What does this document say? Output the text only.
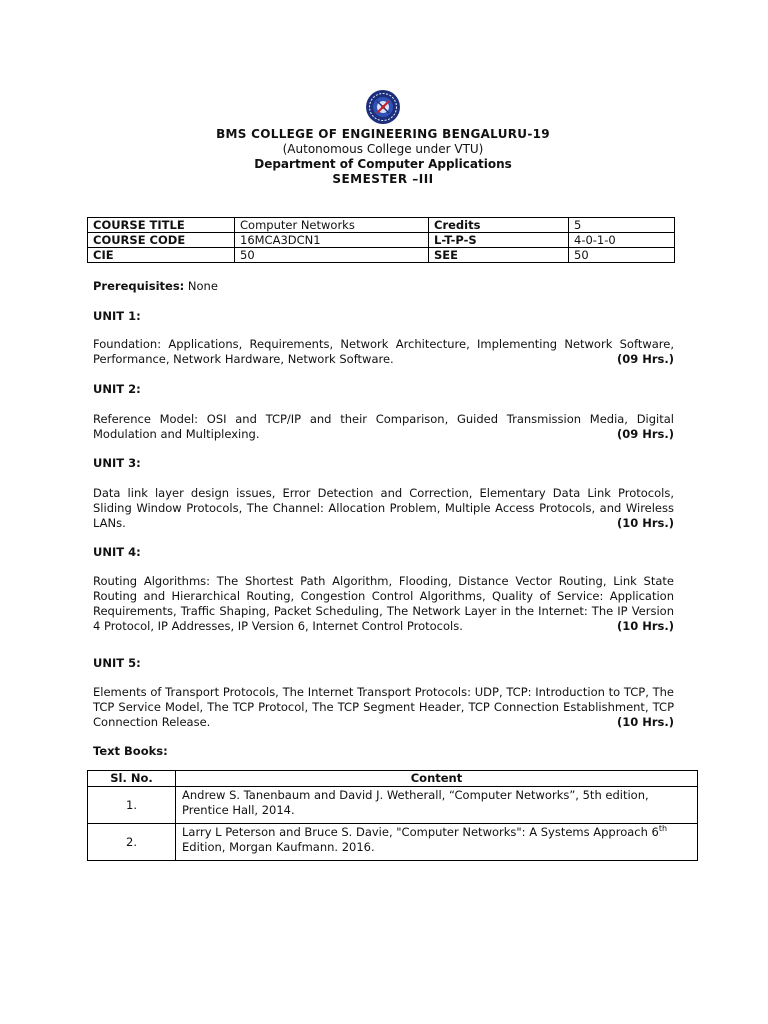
BMS COLLEGE OF ENGINEERING BENGALURU-19
(Autonomous College under VTU)
Department of Computer Applications
SEMESTER –III
COURSE TITLE	Computer Networks	Credits	5
COURSE CODE	16MCA3DCN1	L-T-P-S	4-0-1-0
CIE	50	SEE	50
Prerequisites: None
UNIT 1:
Foundation: Applications, Requirements, Network Architecture, Implementing Network Software, Performance, Network Hardware, Network Software.	(09 Hrs.)
UNIT 2:
Reference Model: OSI and TCP/IP and their Comparison, Guided Transmission Media, Digital Modulation and Multiplexing.	(09 Hrs.)
UNIT 3:
Data link layer design issues, Error Detection and Correction, Elementary Data Link Protocols, Sliding Window Protocols, The Channel: Allocation Problem, Multiple Access Protocols, and Wireless LANs.	(10 Hrs.)
UNIT 4:
Routing Algorithms: The Shortest Path Algorithm, Flooding, Distance Vector Routing, Link State Routing and Hierarchical Routing, Congestion Control Algorithms, Quality of Service: Application Requirements, Traffic Shaping, Packet Scheduling, The Network Layer in the Internet: The IP Version 4 Protocol, IP Addresses, IP Version 6, Internet Control Protocols.	(10 Hrs.)
UNIT 5:
Elements of Transport Protocols, The Internet Transport Protocols: UDP, TCP: Introduction to TCP, The TCP Service Model, The TCP Protocol, The TCP Segment Header, TCP Connection Establishment, TCP Connection Release.	(10 Hrs.)
Text Books:
Sl. No.	Content
1.	Andrew S. Tanenbaum and David J. Wetherall, “Computer Networks”, 5th edition, Prentice Hall, 2014.
2.	Larry L Peterson and Bruce S. Davie, "Computer Networks": A Systems Approach 6th Edition, Morgan Kaufmann. 2016.
